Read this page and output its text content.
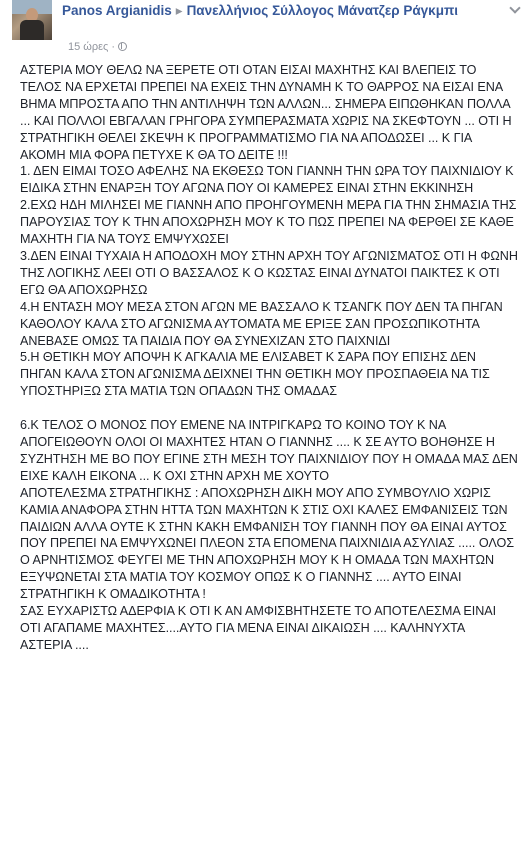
Panos Argianidis ▸ Πανελλήνιος Σύλλογος Μάνατζερ Ράγκμπι
15 ώρες ·
ΑΣΤΕΡΙΑ ΜΟΥ ΘΕΛΩ ΝΑ ΞΕΡΕΤΕ ΟΤΙ ΟΤΑΝ ΕΙΣΑΙ ΜΑΧΗΤΗΣ ΚΑΙ ΒΛΕΠΕΙΣ ΤΟ ΤΕΛΟΣ ΝΑ ΕΡΧΕΤΑΙ ΠΡΕΠΕΙ ΝΑ ΕΧΕΙΣ ΤΗΝ ΔΥΝΑΜΗ Κ ΤΟ ΘΑΡΡΟΣ ΝΑ ΕΙΣΑΙ ΕΝΑ ΒΗΜΑ ΜΠΡΟΣΤΑ ΑΠΟ ΤΗΝ ΑΝΤΙΛΗΨΗ ΤΩΝ ΑΛΛΩΝ... ΣΗΜΕΡΑ ΕΙΠΩΘΗΚΑΝ ΠΟΛΛΑ ... ΚΑΙ ΠΟΛΛΟΙ ΕΒΓΑΛΑΝ ΓΡΗΓΟΡΑ ΣΥΜΠΕΡΑΣΜΑΤΑ ΧΩΡΙΣ ΝΑ ΣΚΕΦΤΟΥΝ ... ΟΤΙ Η ΣΤΡΑΤΗΓΙΚΗ ΘΕΛΕΙ ΣΚΕΨΗ Κ ΠΡΟΓΡΑΜΜΑΤΙΣΜΟ ΓΙΑ ΝΑ ΑΠΟΔΩΣΕΙ ... Κ ΓΙΑ ΑΚΟΜΗ ΜΙΑ ΦΟΡΑ ΠΕΤΥΧΕ Κ ΘΑ ΤΟ ΔΕΙΤΕ !!!
1. ΔΕΝ ΕΙΜΑΙ ΤΟΣΟ ΑΦΕΛΗΣ ΝΑ ΕΚΘΕΣΩ ΤΟΝ ΓΙΑΝΝΗ ΤΗΝ ΩΡΑ ΤΟΥ ΠΑΙΧΝΙΔΙΟΥ Κ ΕΙΔΙΚΑ ΣΤΗΝ ΕΝΑΡΞΗ ΤΟΥ ΑΓΩΝΑ ΠΟΥ ΟΙ ΚΑΜΕΡΕΣ ΕΙΝΑΙ ΣΤΗΝ ΕΚΚΙΝΗΣΗ
2.ΕΧΩ ΗΔΗ ΜΙΛΗΣΕΙ ΜΕ ΓΙΑΝΝΗ ΑΠΟ ΠΡΟΗΓΟΥΜΕΝΗ ΜΕΡΑ ΓΙΑ ΤΗΝ ΣΗΜΑΣΙΑ ΤΗΣ ΠΑΡΟΥΣΙΑΣ ΤΟΥ Κ ΤΗΝ ΑΠΟΧΩΡΗΣΗ ΜΟΥ Κ ΤΟ ΠΩΣ ΠΡΕΠΕΙ ΝΑ ΦΕΡΘΕΙ ΣΕ ΚΑΘΕ ΜΑΧΗΤΗ ΓΙΑ ΝΑ ΤΟΥΣ ΕΜΨΥΧΩΣΕΙ
3.ΔΕΝ ΕΙΝΑΙ ΤΥΧΑΙΑ Η ΑΠΟΔΟΧΗ ΜΟΥ ΣΤΗΝ ΑΡΧΗ ΤΟΥ ΑΓΩΝΙΣΜΑΤΟΣ ΟΤΙ Η ΦΩΝΗ ΤΗΣ ΛΟΓΙΚΗΣ ΛΕΕΙ ΟΤΙ Ο ΒΑΣΣΑΛΟΣ Κ Ο ΚΩΣΤΑΣ ΕΙΝΑΙ ΔΥΝΑΤΟΙ ΠΑΙΚΤΕΣ Κ ΟΤΙ ΕΓΩ ΘΑ ΑΠΟΧΩΡΗΣΩ
4.Η ΕΝΤΑΣΗ ΜΟΥ ΜΕΣΑ ΣΤΟΝ ΑΓΩΝ ΜΕ ΒΑΣΣΑΛΟ Κ ΤΣΑΝΓΚ ΠΟΥ ΔΕΝ ΤΑ ΠΗΓΑΝ ΚΑΘΟΛΟΥ ΚΑΛΑ ΣΤΟ ΑΓΩΝΙΣΜΑ ΑΥΤΟΜΑΤΑ ΜΕ ΕΡΙΞΕ ΣΑΝ ΠΡΟΣΩΠΙΚΟΤΗΤΑ ΑΝΕΒΑΣΕ ΟΜΩΣ ΤΑ ΠΑΙΔΙΑ ΠΟΥ ΘΑ ΣΥΝΕΧΙΖΑΝ ΣΤΟ ΠΑΙΧΝΙΔΙ
5.Η ΘΕΤΙΚΗ ΜΟΥ ΑΠΟΨΗ Κ ΑΓΚΑΛΙΑ ΜΕ ΕΛΙΣΑΒΕΤ Κ ΣΑΡΑ ΠΟΥ ΕΠΙΣΗΣ ΔΕΝ ΠΗΓΑΝ ΚΑΛΑ ΣΤΟΝ ΑΓΩΝΙΣΜΑ ΔΕΙΧΝΕΙ ΤΗΝ ΘΕΤΙΚΗ ΜΟΥ ΠΡΟΣΠΑΘΕΙΑ ΝΑ ΤΙΣ ΥΠΟΣΤΗΡΙΞΩ ΣΤΑ ΜΑΤΙΑ ΤΩΝ ΟΠΑΔΩΝ ΤΗΣ ΟΜΑΔΑΣ
6.Κ ΤΕΛΟΣ Ο ΜΟΝΟΣ ΠΟΥ ΕΜΕΝΕ ΝΑ ΙΝΤΡΙΓΚΑΡΩ ΤΟ ΚΟΙΝΟ ΤΟΥ Κ ΝΑ ΑΠΟΓΕΙΩΘΟΥΝ ΟΛΟΙ ΟΙ ΜΑΧΗΤΕΣ ΗΤΑΝ Ο ΓΙΑΝΝΗΣ .... Κ ΣΕ ΑΥΤΟ ΒΟΗΘΗΣΕ Η ΣΥΖΗΤΗΣΗ ΜΕ ΒΟ ΠΟΥ ΕΓΙΝΕ ΣΤΗ ΜΕΣΗ ΤΟΥ ΠΑΙΧΝΙΔΙΟΥ ΠΟΥ Η ΟΜΑΔΑ ΜΑΣ ΔΕΝ ΕΙΧΕ ΚΑΛΗ ΕΙΚΟΝΑ ... Κ ΟΧΙ ΣΤΗΝ ΑΡΧΗ ΜΕ ΧΟΥΤΟ
ΑΠΟΤΕΛΕΣΜΑ ΣΤΡΑΤΗΓΙΚΗΣ : ΑΠΟΧΩΡΗΣΗ ΔΙΚΗ ΜΟΥ ΑΠΟ ΣΥΜΒΟΥΛΙΟ ΧΩΡΙΣ ΚΑΜΙΑ ΑΝΑΦΟΡΑ ΣΤΗΝ ΗΤΤΑ ΤΩΝ ΜΑΧΗΤΩΝ Κ ΣΤΙΣ ΟΧΙ ΚΑΛΕΣ ΕΜΦΑΝΙΣΕΙΣ ΤΩΝ ΠΑΙΔΙΩΝ ΑΛΛΑ ΟΥΤΕ Κ ΣΤΗΝ ΚΑΚΗ ΕΜΦΑΝΙΣΗ ΤΟΥ ΓΙΑΝΝΗ ΠΟΥ ΘΑ ΕΙΝΑΙ ΑΥΤΟΣ ΠΟΥ ΠΡΕΠΕΙ ΝΑ ΕΜΨΥΧΩΝΕΙ ΠΛΕΟΝ ΣΤΑ ΕΠΟΜΕΝΑ ΠΑΙΧΝΙΔΙΑ ΑΣΥΛΙΑΣ ..... ΟΛΟΣ Ο ΑΡΝΗΤΙΣΜΟΣ ΦΕΥΓΕΙ ΜΕ ΤΗΝ ΑΠΟΧΩΡΗΣΗ ΜΟΥ Κ Η ΟΜΑΔΑ ΤΩΝ ΜΑΧΗΤΩΝ ΕΞΥΨΩΝΕΤΑΙ ΣΤΑ ΜΑΤΙΑ ΤΟΥ ΚΟΣΜΟΥ ΟΠΩΣ Κ Ο ΓΙΑΝΝΗΣ .... ΑΥΤΟ ΕΙΝΑΙ ΣΤΡΑΤΗΓΙΚΗ Κ ΟΜΑΔΙΚΟΤΗΤΑ !
ΣΑΣ ΕΥΧΑΡΙΣΤΩ ΑΔΕΡΦΙΑ Κ ΟΤΙ Κ ΑΝ ΑΜΦΙΣΒΗΤΗΣΕΤΕ ΤΟ ΑΠΟΤΕΛΕΣΜΑ ΕΙΝΑΙ ΟΤΙ ΑΓΑΠΑΜΕ ΜΑΧΗΤΕΣ....ΑΥΤΟ ΓΙΑ ΜΕΝΑ ΕΙΝΑΙ ΔΙΚΑΙΩΣΗ .... ΚΑΛΗΝΥΧΤΑ ΑΣΤΕΡΙΑ ....
